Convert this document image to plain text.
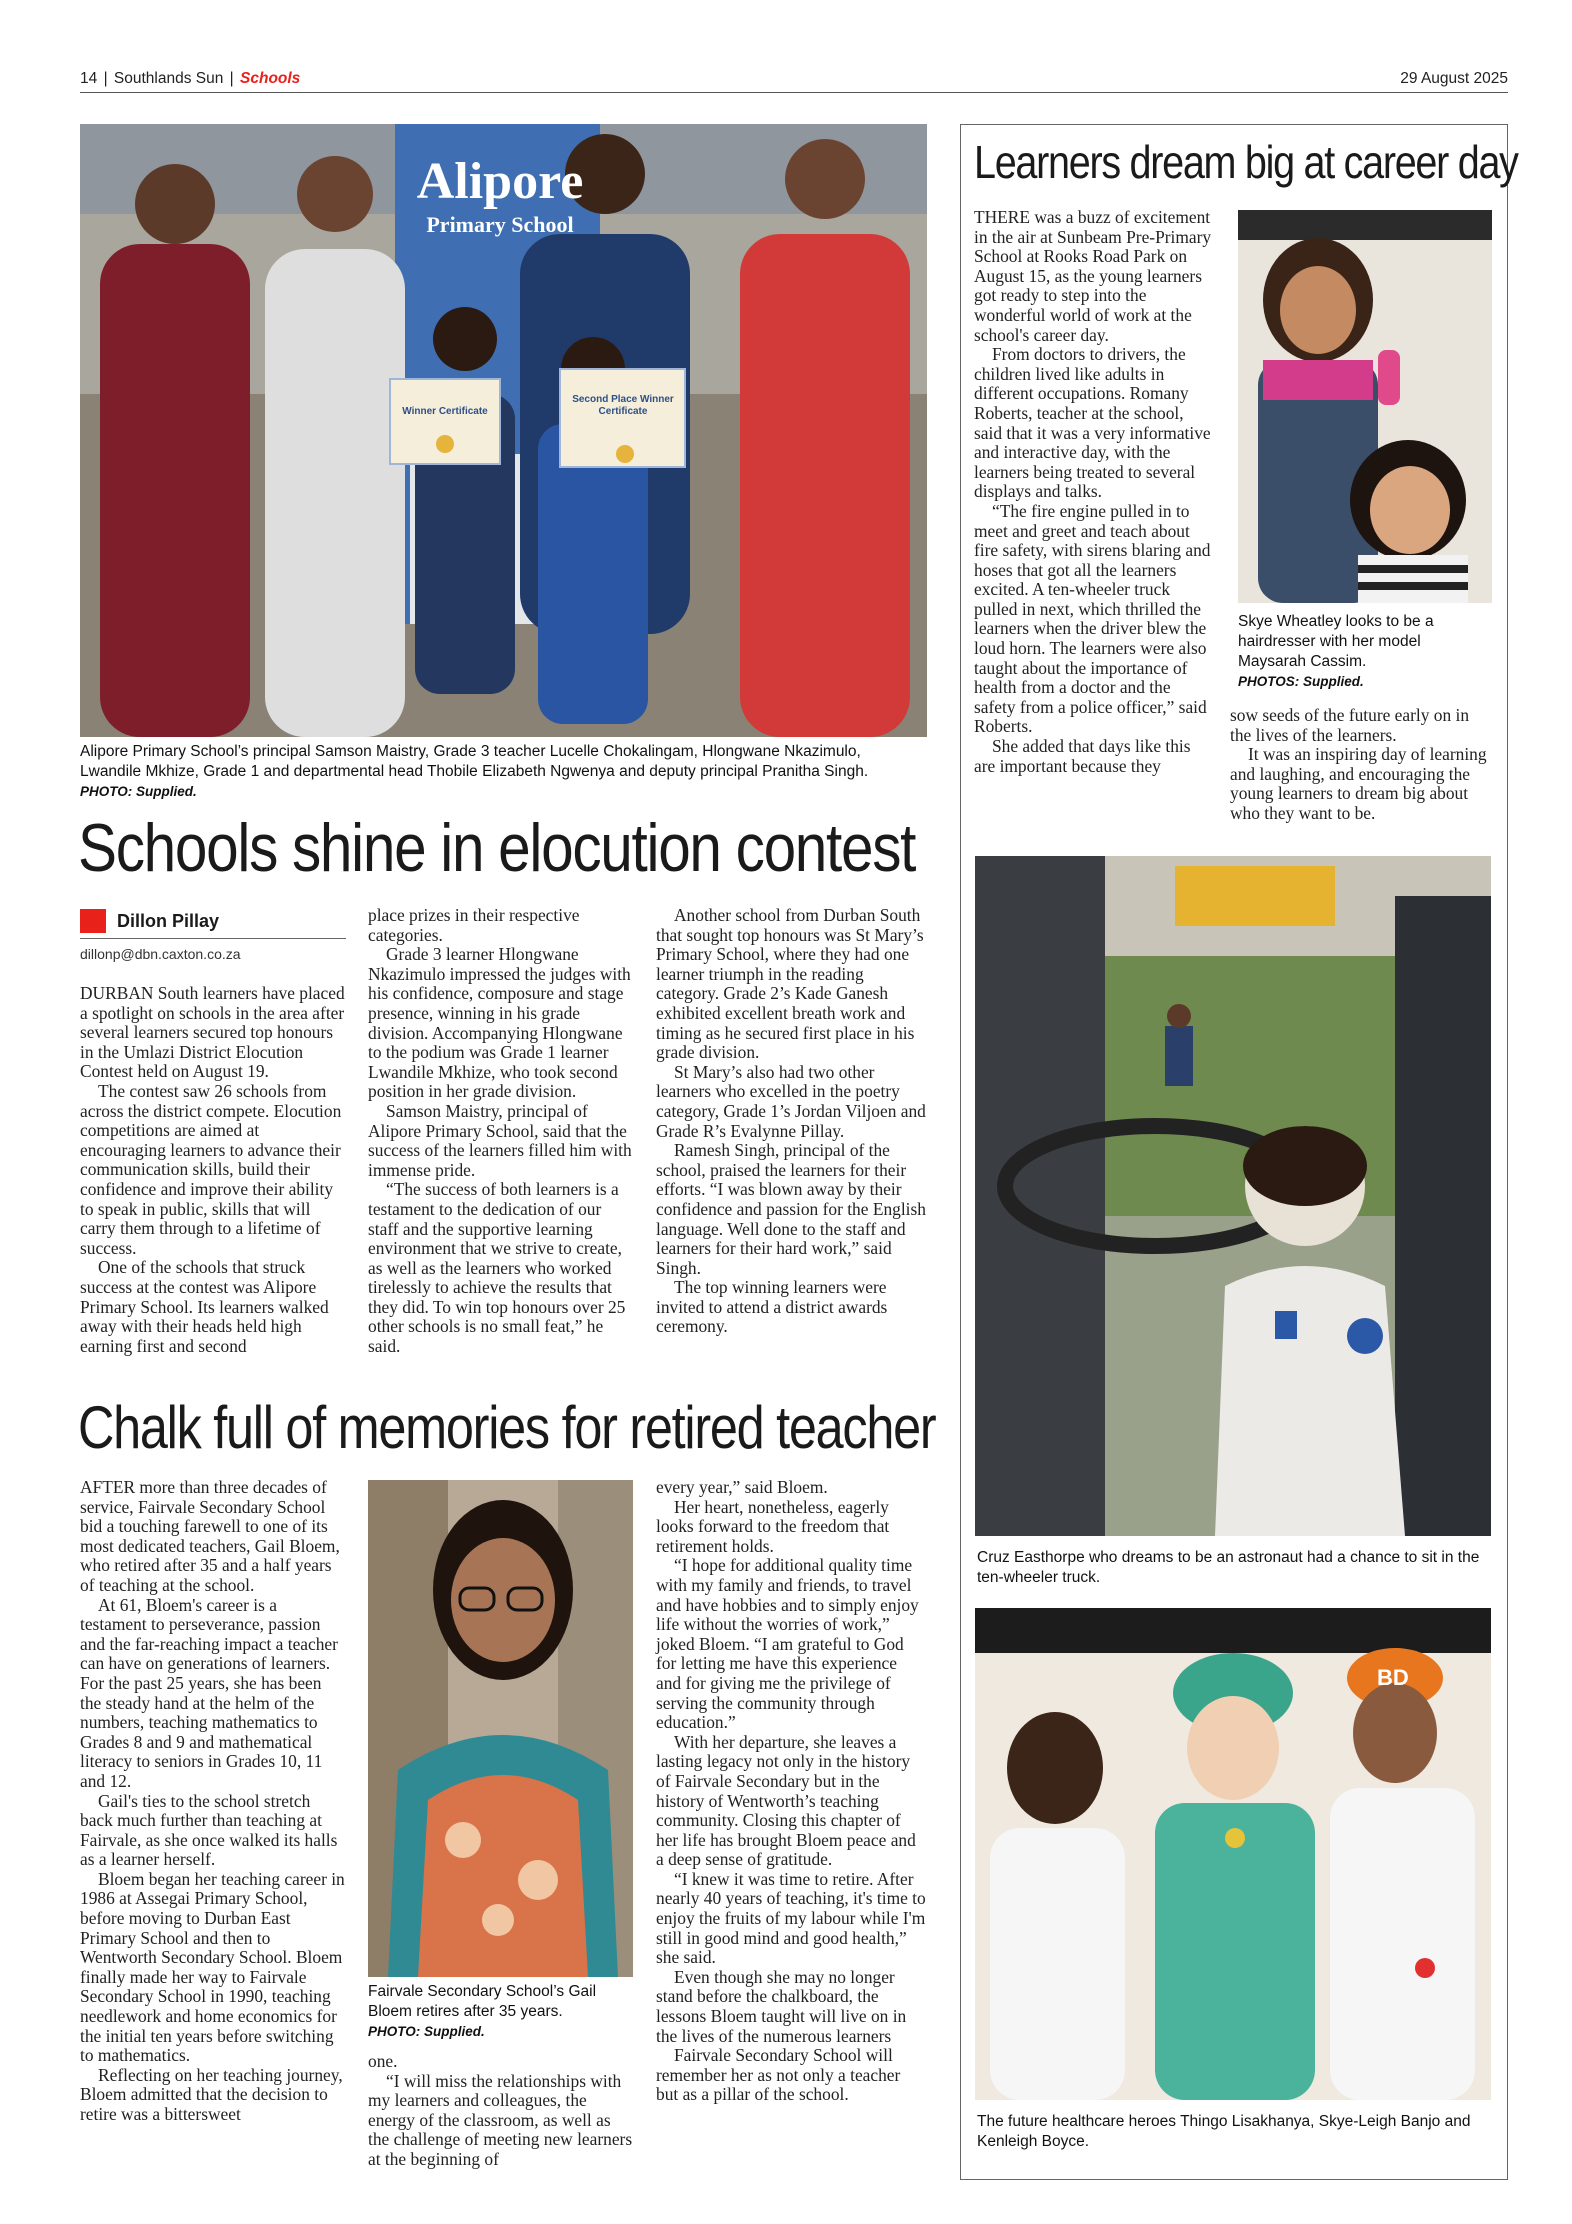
14 | Southlands Sun | Schools	29 August 2025
Alipore
Primary School
Winner Certificate
Second Place Winner Certificate
Alipore Primary School’s principal Samson Maistry, Grade 3 teacher Lucelle Chokalingam, Hlongwane Nkazimulo, Lwandile Mkhize, Grade 1 and departmental head Thobile Elizabeth Ngwenya and deputy principal Pranitha Singh. PHOTO: Supplied.
Schools shine in elocution contest
Dillon Pillay
dillonp@dbn.caxton.co.za

DURBAN South learners have placed a spotlight on schools in the area after several learners secured top honours in the Umlazi District Elocution Contest held on August 19.

The contest saw 26 schools from across the district compete. Elocution competitions are aimed at encouraging learners to advance their communication skills, build their confidence and improve their ability to speak in public, skills that will carry them through to a lifetime of success.

One of the schools that struck success at the contest was Alipore Primary School. Its learners walked away with their heads held high earning first and second

place prizes in their respective categories.

Grade 3 learner Hlongwane Nkazimulo impressed the judges with his confidence, composure and stage presence, winning in his grade division. Accompanying Hlongwane to the podium was Grade 1 learner Lwandile Mkhize, who took second position in her grade division.

Samson Maistry, principal of Alipore Primary School, said that the success of the learners filled him with immense pride.

“The success of both learners is a testament to the dedication of our staff and the supportive learning environment that we strive to create, as well as the learners who worked tirelessly to achieve the results that they did. To win top honours over 25 other schools is no small feat,” he said.

Another school from Durban South that sought top honours was St Mary’s Primary School, where they had one learner triumph in the reading category. Grade 2’s Kade Ganesh exhibited excellent breath work and timing as he secured first place in his grade division.

St Mary’s also had two other learners who excelled in the poetry category, Grade 1’s Jordan Viljoen and Grade R’s Evalynne Pillay.

Ramesh Singh, principal of the school, praised the learners for their efforts. “I was blown away by their confidence and passion for the English language. Well done to the staff and learners for their hard work,” said Singh.

The top winning learners were invited to attend a district awards ceremony.

Chalk full of memories for retired teacher

AFTER more than three decades of service, Fairvale Secondary School bid a touching farewell to one of its most dedicated teachers, Gail Bloem, who retired after 35 and a half years of teaching at the school.

At 61, Bloem's career is a testament to perseverance, passion and the far-reaching impact a teacher can have on generations of learners. For the past 25 years, she has been the steady hand at the helm of the numbers, teaching mathematics to Grades 8 and 9 and mathematical literacy to seniors in Grades 10, 11 and 12.

Gail's ties to the school stretch back much further than teaching at Fairvale, as she once walked its halls as a learner herself.

Bloem began her teaching career in 1986 at Assegai Primary School, before moving to Durban East Primary School and then to Wentworth Secondary School. Bloem finally made her way to Fairvale Secondary School in 1990, teaching needlework and home economics for the initial ten years before switching to mathematics.

Reflecting on her teaching journey, Bloem admitted that the decision to retire was a bittersweet

Fairvale Secondary School’s Gail Bloem retires after 35 years.
PHOTO: Supplied.

one.

“I will miss the relationships with my learners and colleagues, the energy of the classroom, as well as the challenge of meeting new learners at the beginning of

every year,” said Bloem.

Her heart, nonetheless, eagerly looks forward to the freedom that retirement holds.

“I hope for additional quality time with my family and friends, to travel and have hobbies and to simply enjoy life without the worries of work,” joked Bloem. “I am grateful to God for letting me have this experience and for giving me the privilege of serving the community through education.”

With her departure, she leaves a lasting legacy not only in the history of Fairvale Secondary but in the history of Wentworth’s teaching community. Closing this chapter of her life has brought Bloem peace and a deep sense of gratitude.

“I knew it was time to retire. After nearly 40 years of teaching, it's time to enjoy the fruits of my labour while I'm still in good mind and good health,” she said.

Even though she may no longer stand before the chalkboard, the lessons Bloem taught will live on in the lives of the numerous learners

Fairvale Secondary School will remember her as not only a teacher but as a pillar of the school.

Learners dream big at career day

THERE was a buzz of excitement in the air at Sunbeam Pre-Primary School at Rooks Road Park on August 15, as the young learners got ready to step into the wonderful world of work at the school's career day.

From doctors to drivers, the children lived like adults in different occupations. Romany Roberts, teacher at the school, said that it was a very informative and interactive day, with the learners being treated to several displays and talks.

“The fire engine pulled in to meet and greet and teach about fire safety, with sirens blaring and hoses that got all the learners excited. A ten-wheeler truck pulled in next, which thrilled the learners when the driver blew the loud horn. The learners were also taught about the importance of health from a doctor and the safety from a police officer,” said Roberts.

She added that days like this are important because they

Skye Wheatley looks to be a hairdresser with her model Maysarah Cassim.
PHOTOS: Supplied.

sow seeds of the future early on in the lives of the learners.

It was an inspiring day of learning and laughing, and encouraging the young learners to dream big about who they want to be.

Cruz Easthorpe who dreams to be an astronaut had a chance to sit in the ten-wheeler truck.
BD
The future healthcare heroes Thingo Lisakhanya, Skye-Leigh Banjo and Kenleigh Boyce.
